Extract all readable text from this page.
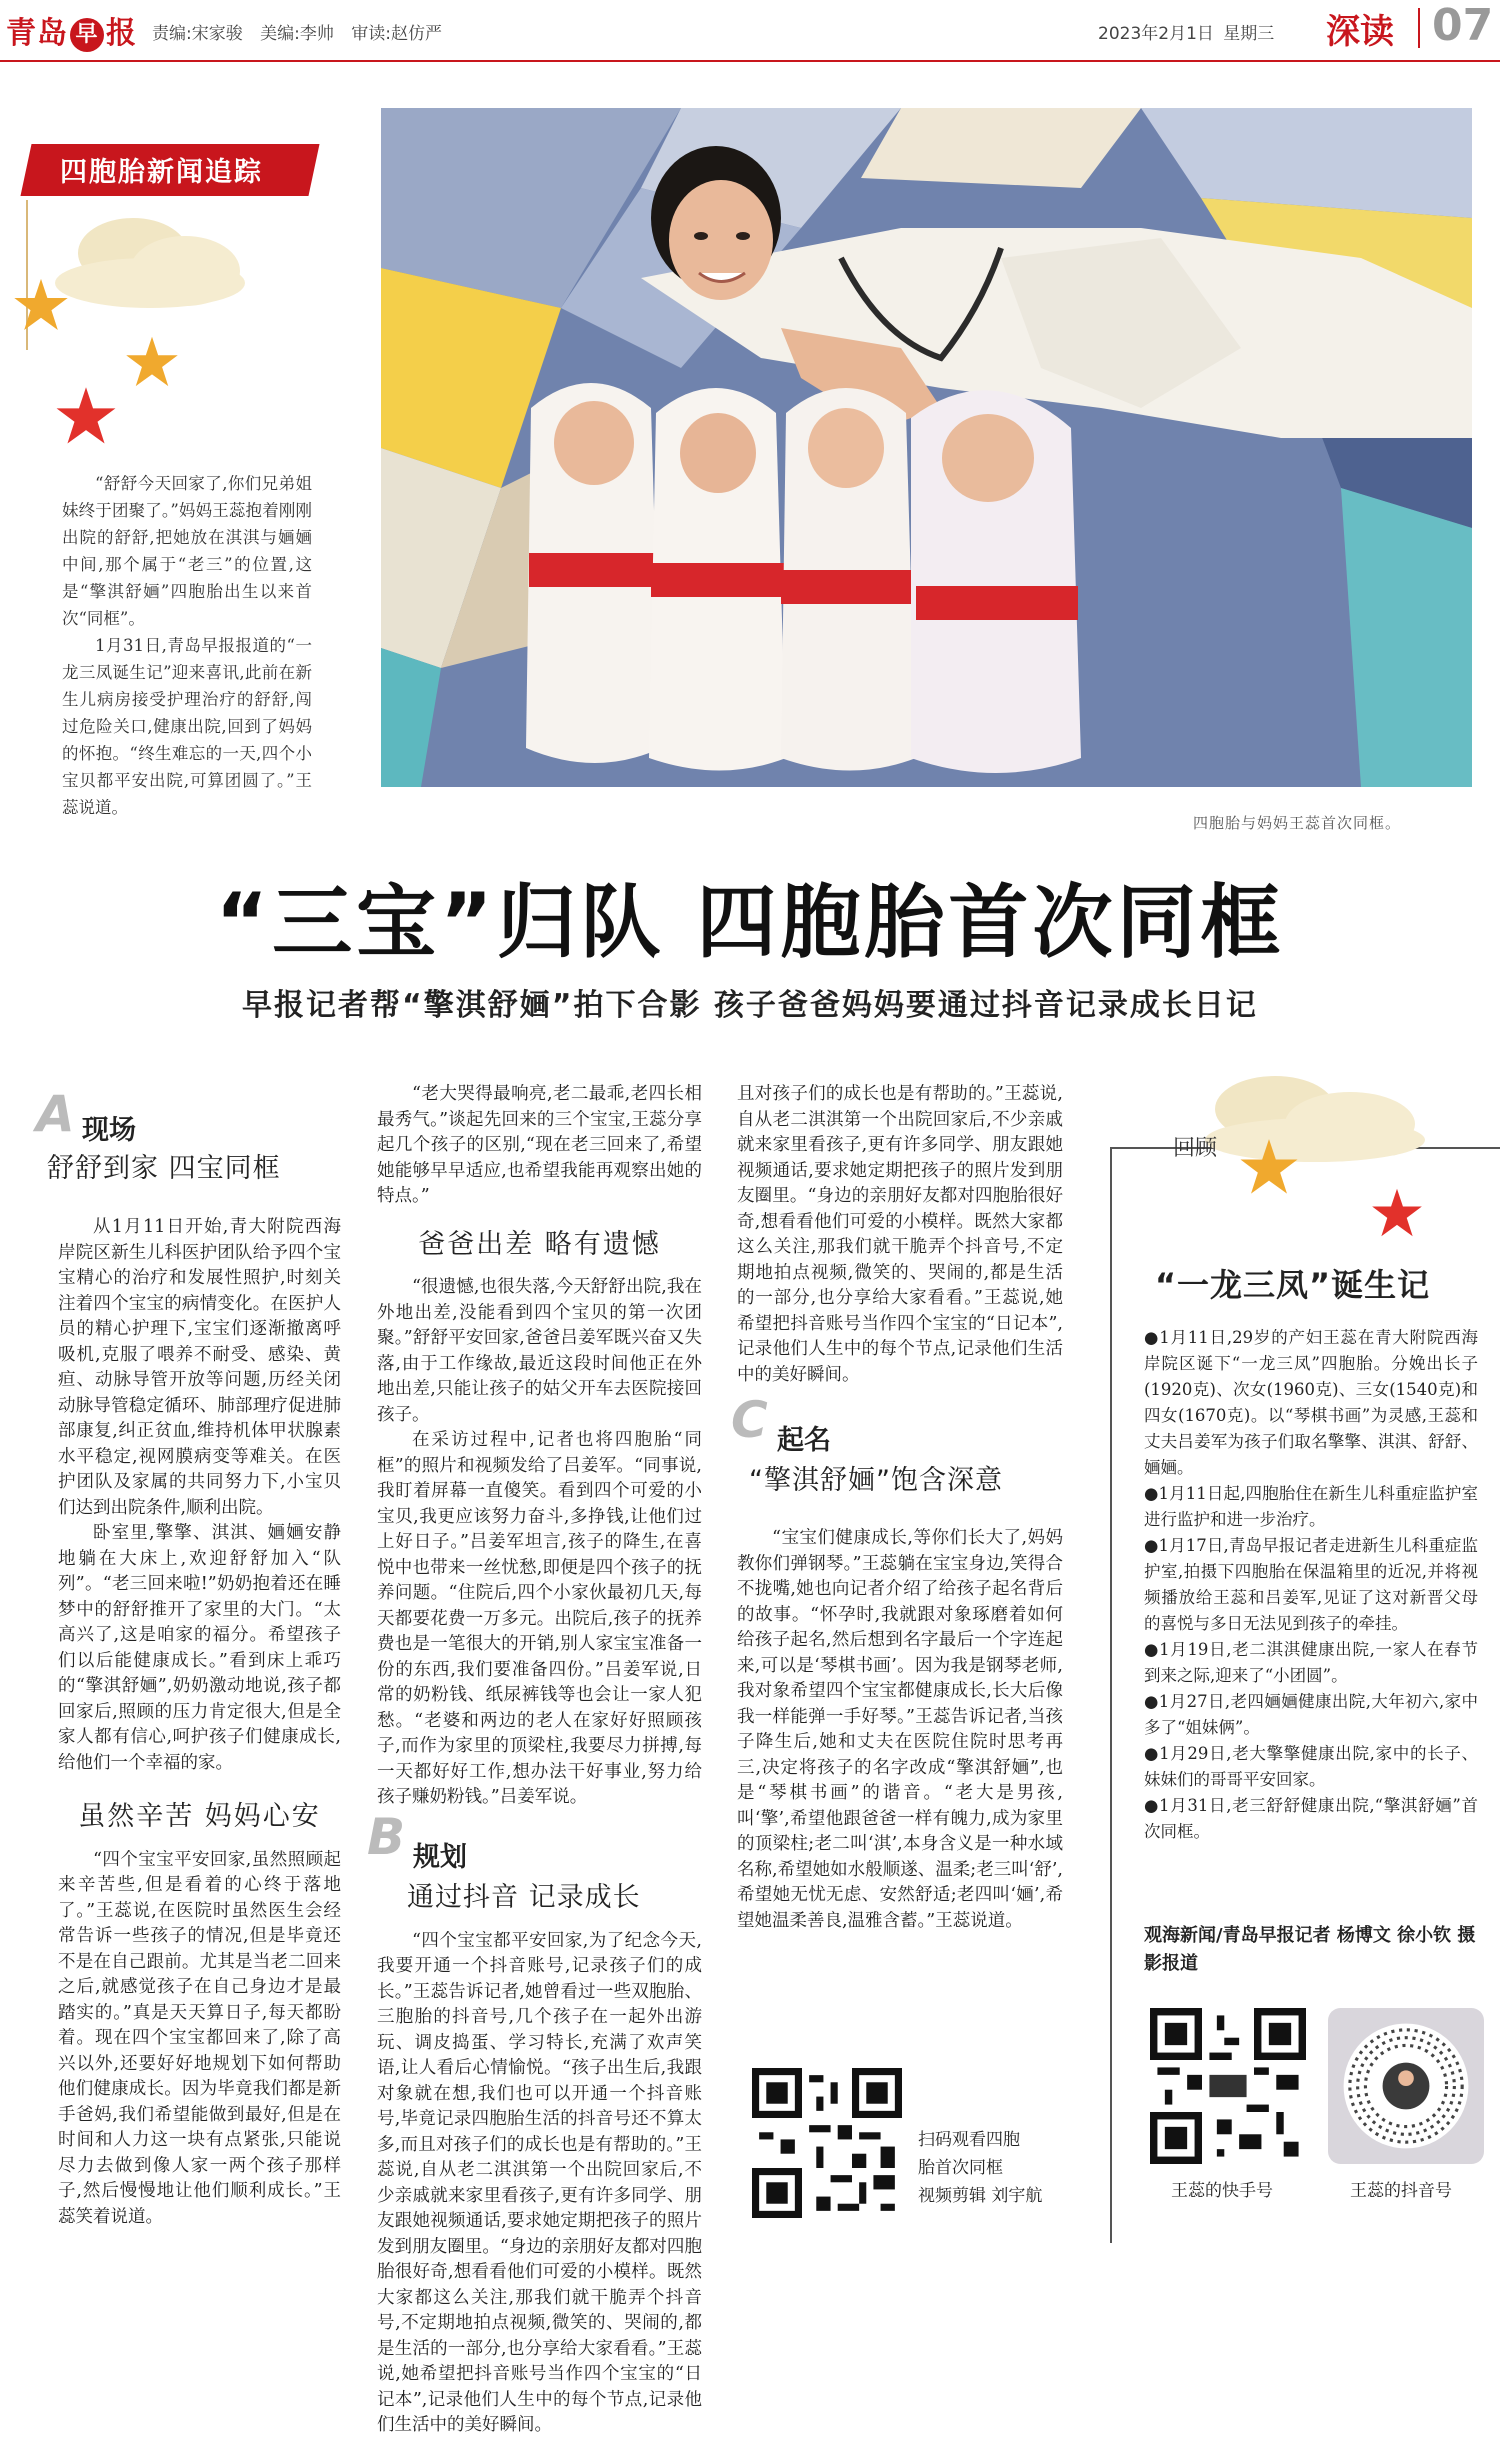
青岛 早 报 责编:宋家骏 美编:李帅 审读:赵仿严	2023年2月1日 星期三 深读 07
四胞胎新闻追踪

“舒舒今天回家了,你们兄弟姐妹终于团聚了。”妈妈王蕊抱着刚刚出院的舒舒,把她放在淇淇与婳婳中间,那个属于“老三”的位置,这是“擎淇舒婳”四胞胎出生以来首次“同框”。

1月31日,青岛早报报道的“一龙三凤诞生记”迎来喜讯,此前在新生儿病房接受护理治疗的舒舒,闯过危险关口,健康出院,回到了妈妈的怀抱。“终生难忘的一天,四个小宝贝都平安出院,可算团圆了。”王蕊说道。

四胞胎与妈妈王蕊首次同框。
“三宝”归队 四胞胎首次同框
早报记者帮“擎淇舒婳”拍下合影 孩子爸爸妈妈要通过抖音记录成长日记
A 现场
舒舒到家 四宝同框

从1月11日开始,青大附院西海岸院区新生儿科医护团队给予四个宝宝精心的治疗和发展性照护,时刻关注着四个宝宝的病情变化。在医护人员的精心护理下,宝宝们逐渐撤离呼吸机,克服了喂养不耐受、感染、黄疸、动脉导管开放等问题,历经关闭动脉导管稳定循环、肺部理疗促进肺部康复,纠正贫血,维持机体甲状腺素水平稳定,视网膜病变等难关。在医护团队及家属的共同努力下,小宝贝们达到出院条件,顺利出院。

卧室里,擎擎、淇淇、婳婳安静地躺在大床上,欢迎舒舒加入“队列”。“老三回来啦!”奶奶抱着还在睡梦中的舒舒推开了家里的大门。“太高兴了,这是咱家的福分。希望孩子们以后能健康成长。”看到床上乖巧的“擎淇舒婳”,奶奶激动地说,孩子都回家后,照顾的压力肯定很大,但是全家人都有信心,呵护孩子们健康成长,给他们一个幸福的家。

虽然辛苦 妈妈心安

“四个宝宝平安回家,虽然照顾起来辛苦些,但是看着的心终于落地了。”王蕊说,在医院时虽然医生会经常告诉一些孩子的情况,但是毕竟还不是在自己跟前。尤其是当老二回来之后,就感觉孩子在自己身边才是最踏实的。”真是天天算日子,每天都盼着。现在四个宝宝都回来了,除了高兴以外,还要好好地规划下如何帮助他们健康成长。因为毕竟我们都是新手爸妈,我们希望能做到最好,但是在时间和人力这一块有点紧张,只能说尽力去做到像人家一两个孩子那样子,然后慢慢地让他们顺利成长。”王蕊笑着说道。

“老大哭得最响亮,老二最乖,老四长相最秀气。”谈起先回来的三个宝宝,王蕊分享起几个孩子的区别,“现在老三回来了,希望她能够早早适应,也希望我能再观察出她的特点。”

爸爸出差 略有遗憾

“很遗憾,也很失落,今天舒舒出院,我在外地出差,没能看到四个宝贝的第一次团聚。”舒舒平安回家,爸爸吕姜军既兴奋又失落,由于工作缘故,最近这段时间他正在外地出差,只能让孩子的姑父开车去医院接回孩子。

在采访过程中,记者也将四胞胎“同框”的照片和视频发给了吕姜军。“同事说,我盯着屏幕一直傻笑。看到四个可爱的小宝贝,我更应该努力奋斗,多挣钱,让他们过上好日子。”吕姜军坦言,孩子的降生,在喜悦中也带来一丝忧愁,即便是四个孩子的抚养问题。“住院后,四个小家伙最初几天,每天都要花费一万多元。出院后,孩子的抚养费也是一笔很大的开销,别人家宝宝准备一份的东西,我们要准备四份。”吕姜军说,日常的奶粉钱、纸尿裤钱等也会让一家人犯愁。“老婆和两边的老人在家好好照顾孩子,而作为家里的顶梁柱,我要尽力拼搏,每一天都好好工作,想办法干好事业,努力给孩子赚奶粉钱。”吕姜军说。

B 规划
通过抖音 记录成长

“四个宝宝都平安回家,为了纪念今天,我要开通一个抖音账号,记录孩子们的成长。”王蕊告诉记者,她曾看过一些双胞胎、三胞胎的抖音号,几个孩子在一起外出游玩、调皮捣蛋、学习特长,充满了欢声笑语,让人看后心情愉悦。“孩子出生后,我跟对象就在想,我们也可以开通一个抖音账号,毕竟记录四胞胎生活的抖音号还不算太多,而且对孩子们的成长也是有帮助的。”王蕊说,自从老二淇淇第一个出院回家后,不少亲戚就来家里看孩子,更有许多同学、朋友跟她视频通话,要求她定期把孩子的照片发到朋友圈里。“身边的亲朋好友都对四胞胎很好奇,想看看他们可爱的小模样。既然大家都这么关注,那我们就干脆弄个抖音号,不定期地拍点视频,微笑的、哭闹的,都是生活的一部分,也分享给大家看看。”王蕊说,她希望把抖音账号当作四个宝宝的“日记本”,记录他们人生中的每个节点,记录他们生活中的美好瞬间。

且对孩子们的成长也是有帮助的。”王蕊说,自从老二淇淇第一个出院回家后,不少亲戚就来家里看孩子,更有许多同学、朋友跟她视频通话,要求她定期把孩子的照片发到朋友圈里。“身边的亲朋好友都对四胞胎很好奇,想看看他们可爱的小模样。既然大家都这么关注,那我们就干脆弄个抖音号,不定期地拍点视频,微笑的、哭闹的,都是生活的一部分,也分享给大家看看。”王蕊说,她希望把抖音账号当作四个宝宝的“日记本”,记录他们人生中的每个节点,记录他们生活中的美好瞬间。

C 起名
“擎淇舒婳”饱含深意

“宝宝们健康成长,等你们长大了,妈妈教你们弹钢琴。”王蕊躺在宝宝身边,笑得合不拢嘴,她也向记者介绍了给孩子起名背后的故事。“怀孕时,我就跟对象琢磨着如何给孩子起名,然后想到名字最后一个字连起来,可以是‘琴棋书画’。因为我是钢琴老师,我对象希望四个宝宝都健康成长,长大后像我一样能弹一手好琴。”王蕊告诉记者,当孩子降生后,她和丈夫在医院住院时思考再三,决定将孩子的名字改成“擎淇舒婳”,也是“琴棋书画”的谐音。“老大是男孩,叫‘擎’,希望他跟爸爸一样有魄力,成为家里的顶梁柱;老二叫‘淇’,本身含义是一种水域名称,希望她如水般顺遂、温柔;老三叫‘舒’,希望她无忧无虑、安然舒适;老四叫‘婳’,希望她温柔善良,温雅含蓄。”王蕊说道。

扫码观看四胞
胎首次同框
视频剪辑 刘宇航
回顾
“一龙三凤”诞生记

●1月11日,29岁的产妇王蕊在青大附院西海岸院区诞下“一龙三凤”四胞胎。分娩出长子(1920克)、次女(1960克)、三女(1540克)和四女(1670克)。以“琴棋书画”为灵感,王蕊和丈夫吕姜军为孩子们取名擎擎、淇淇、舒舒、婳婳。

●1月11日起,四胞胎住在新生儿科重症监护室进行监护和进一步治疗。

●1月17日,青岛早报记者走进新生儿科重症监护室,拍摄下四胞胎在保温箱里的近况,并将视频播放给王蕊和吕姜军,见证了这对新晋父母的喜悦与多日无法见到孩子的牵挂。

●1月19日,老二淇淇健康出院,一家人在春节到来之际,迎来了“小团圆”。

●1月27日,老四婳婳健康出院,大年初六,家中多了“姐妹俩”。

●1月29日,老大擎擎健康出院,家中的长子、妹妹们的哥哥平安回家。

●1月31日,老三舒舒健康出院,“擎淇舒婳”首次同框。

观海新闻/青岛早报记者 杨博文 徐小钦 摄影报道
王蕊的快手号	王蕊的抖音号
